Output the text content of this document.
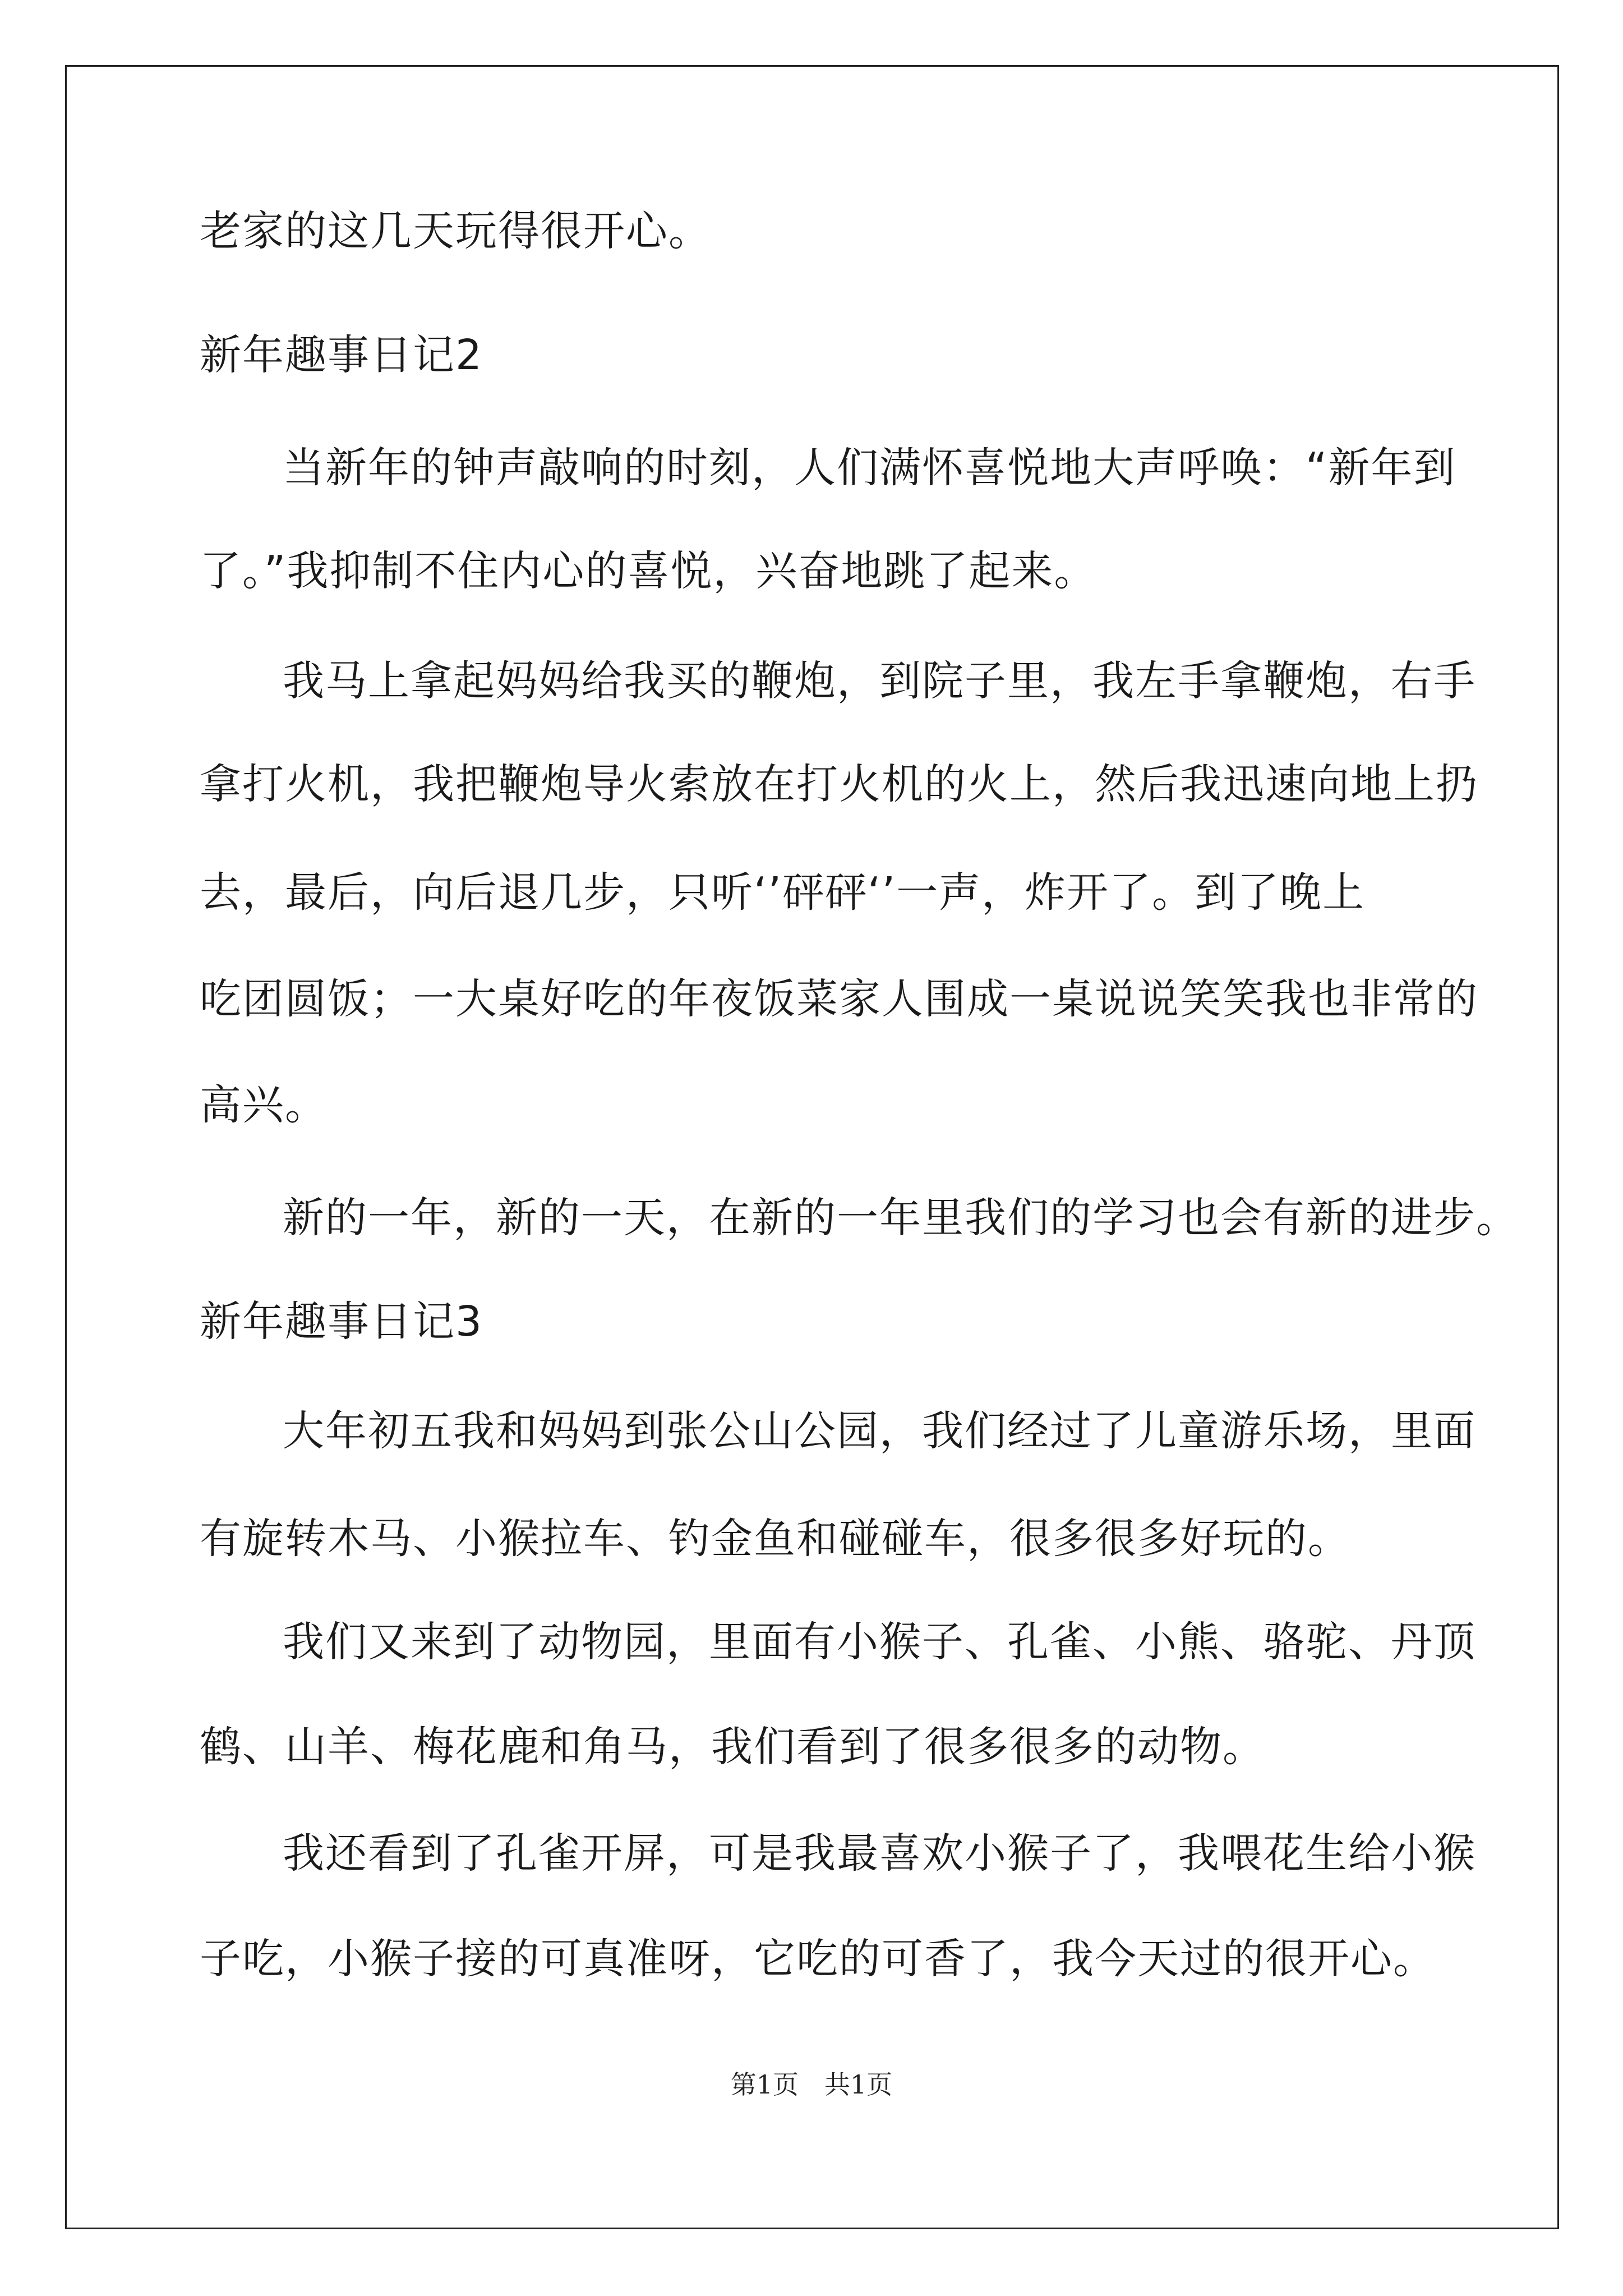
老家的这几天玩得很开心。
新年趣事日记2
当新年的钟声敲响的时刻，人们满怀喜悦地大声呼唤：“新年到
了。”我抑制不住内心的喜悦，兴奋地跳了起来。
我马上拿起妈妈给我买的鞭炮，到院子里，我左手拿鞭炮，右手
拿打火机，我把鞭炮导火索放在打火机的火上，然后我迅速向地上扔
去，最后，向后退几步，只听‘’砰砰‘’一声，炸开了。到了晚上
吃团圆饭；一大桌好吃的年夜饭菜家人围成一桌说说笑笑我也非常的
高兴。
新的一年，新的一天，在新的一年里我们的学习也会有新的进步。
新年趣事日记3
大年初五我和妈妈到张公山公园，我们经过了儿童游乐场，里面
有旋转木马、小猴拉车、钓金鱼和碰碰车，很多很多好玩的。
我们又来到了动物园，里面有小猴子、孔雀、小熊、骆驼、丹顶
鹤、山羊、梅花鹿和角马，我们看到了很多很多的动物。
我还看到了孔雀开屏，可是我最喜欢小猴子了，我喂花生给小猴
子吃，小猴子接的可真准呀，它吃的可香了，我今天过的很开心。
第1页　共1页
